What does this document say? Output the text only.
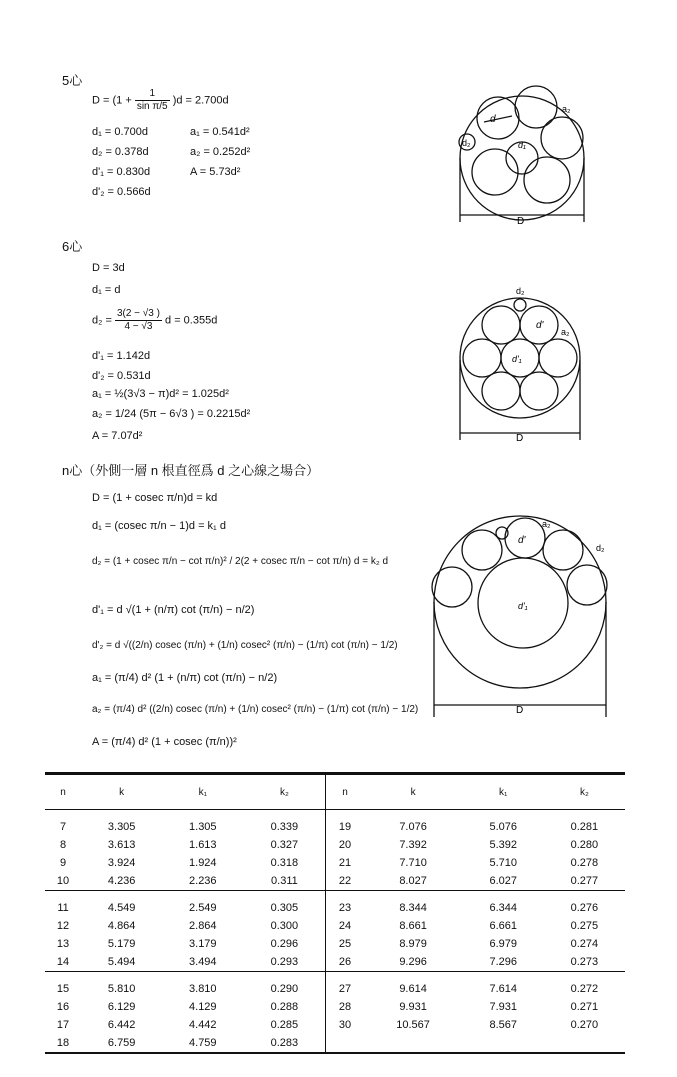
5心
$D = (1 + \frac{1}{\text{sin π/5}} )d = 2.700d$
d₁ = 0.700d	a₁ = 0.541d²
d₂ = 0.378d	a₂ = 0.252d²
d'₁ = 0.830d	A = 5.73d²
d'₂ = 0.566d
d
d₁
d₂
a₂
D
6心
D = 3d
d₁ = d
$d_2 = \frac{3(2 - √3 )}{4 - √3}$ d = 0.355d
d'₁ = 1.142d
d'₂ = 0.531d
a₁ = ½(3√3 − π)d² = 1.025d²
a₂ = 1/24 (5π − 6√3 ) = 0.2215d²
A = 7.07d²
d₂
d'
a₂
d'₁
D
n心（外側一層 n 根直徑爲 d 之心線之場合）
D = (1 + cosec π/n)d = kd
d₁ = (cosec π/n − 1)d = k₁ d
d₂ = (1 + cosec π/n − cot π/n)² / 2(2 + cosec π/n − cot π/n) d = k₂ d
d'₁ = d √(1 + (n/π) cot (π/n) − n/2)
d'₂ = d √((2/n) cosec (π/n) + (1/n) cosec² (π/n) − (1/π) cot (π/n) − 1/2)
a₁ = (π/4) d² (1 + (n/π) cot (π/n) − n/2)
a₂ = (π/4) d² ((2/n) cosec (π/n) + (1/n) cosec² (π/n) − (1/π) cot (π/n) − 1/2)
A = (π/4) d² (1 + cosec (π/n))²
d'
a₂
d₂
d'₁
D
n	k	k₁	k₂	n	k	k₁	k₂
7	3.305	1.305	0.339	19	7.076	5.076	0.281
8	3.613	1.613	0.327	20	7.392	5.392	0.280
9	3.924	1.924	0.318	21	7.710	5.710	0.278
10	4.236	2.236	0.311	22	8.027	6.027	0.277
11	4.549	2.549	0.305	23	8.344	6.344	0.276
12	4.864	2.864	0.300	24	8.661	6.661	0.275
13	5.179	3.179	0.296	25	8.979	6.979	0.274
14	5.494	3.494	0.293	26	9.296	7.296	0.273
15	5.810	3.810	0.290	27	9.614	7.614	0.272
16	6.129	4.129	0.288	28	9.931	7.931	0.271
17	6.442	4.442	0.285	30	10.567	8.567	0.270
18	6.759	4.759	0.283				
